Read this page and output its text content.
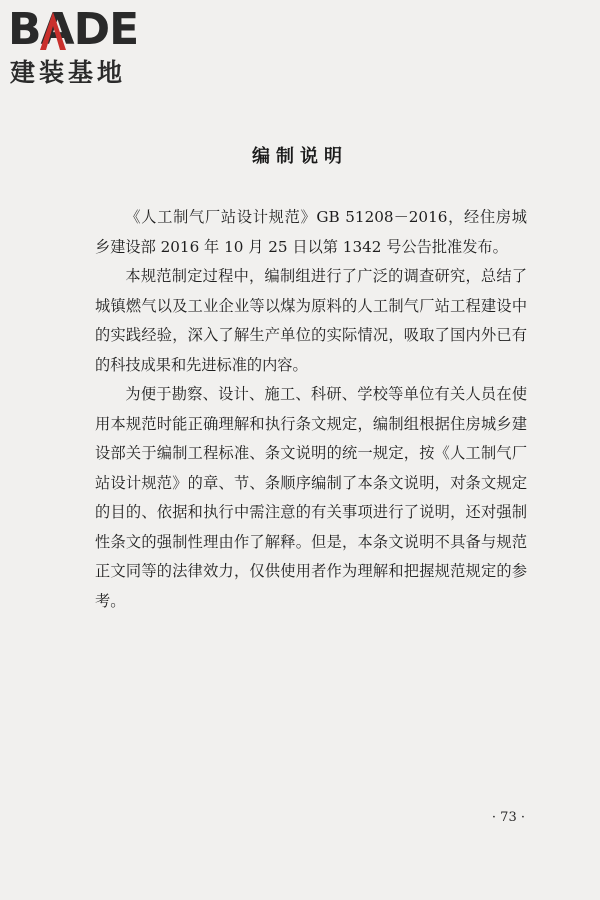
BADE
建装基地
编制说明

《人工制气厂站设计规范》GB 51208－2016，经住房城乡建设部 2016 年 10 月 25 日以第 1342 号公告批准发布。

本规范制定过程中，编制组进行了广泛的调查研究，总结了城镇燃气以及工业企业等以煤为原料的人工制气厂站工程建设中的实践经验，深入了解生产单位的实际情况，吸取了国内外已有的科技成果和先进标准的内容。

为便于勘察、设计、施工、科研、学校等单位有关人员在使用本规范时能正确理解和执行条文规定，编制组根据住房城乡建设部关于编制工程标准、条文说明的统一规定，按《人工制气厂站设计规范》的章、节、条顺序编制了本条文说明，对条文规定的目的、依据和执行中需注意的有关事项进行了说明，还对强制性条文的强制性理由作了解释。但是，本条文说明不具备与规范正文同等的法律效力，仅供使用者作为理解和把握规范规定的参考。

· 73 ·
